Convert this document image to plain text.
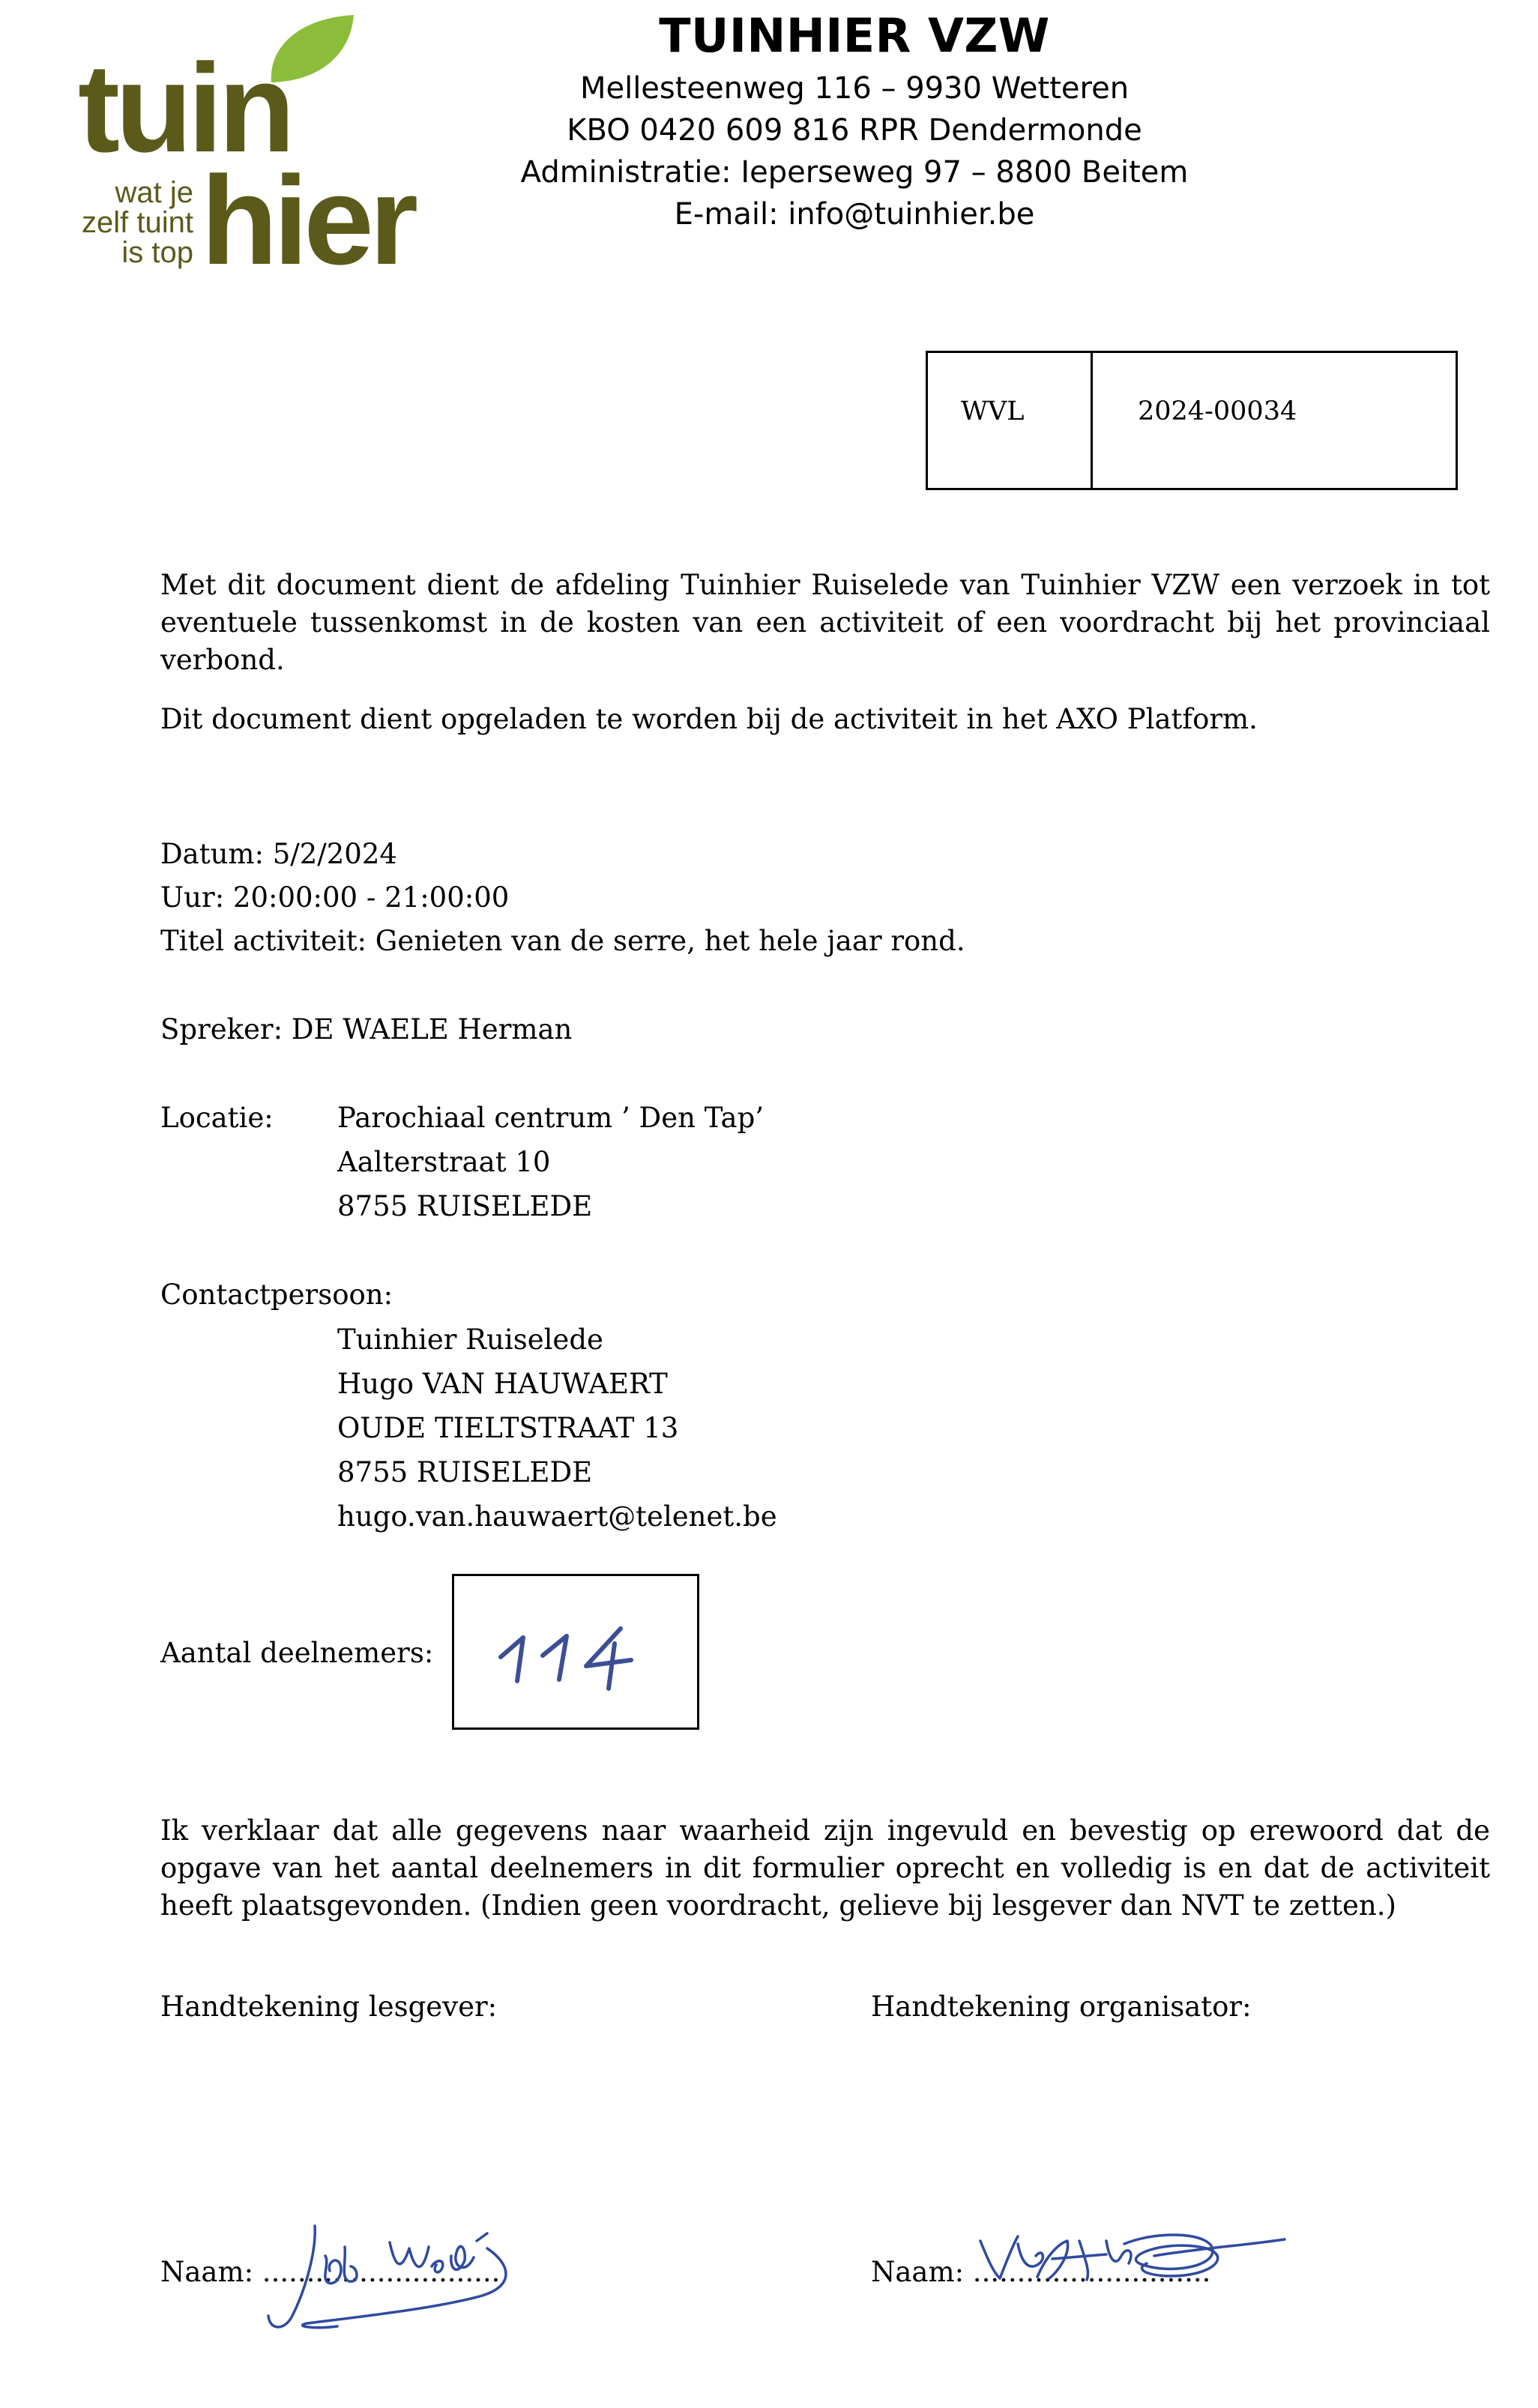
tuin
hier
wat je
zelf tuint
is top
TUINHIER VZW
Mellesteenweg 116 – 9930 Wetteren
KBO 0420 609 816 RPR Dendermonde
Administratie: Ieperseweg 97 – 8800 Beitem
E-mail: info@tuinhier.be
WVL	2024-00034
Met dit document dient de afdeling Tuinhier Ruiselede van Tuinhier VZW een verzoek in tot eventuele tussenkomst in de kosten van een activiteit of een voordracht bij het provinciaal verbond.
Dit document dient opgeladen te worden bij de activiteit in het AXO Platform.
Datum: 5/2/2024
Uur: 20:00:00 - 21:00:00
Titel activiteit: Genieten van de serre, het hele jaar rond.
Spreker: DE WAELE Herman
Locatie: Parochiaal centrum ’ Den Tap’
Aalterstraat 10
8755 RUISELEDE
Contactpersoon:
Tuinhier Ruiselede
Hugo VAN HAUWAERT
OUDE TIELTSTRAAT 13
8755 RUISELEDE
hugo.van.hauwaert@telenet.be
Aantal deelnemers:
Ik verklaar dat alle gegevens naar waarheid zijn ingevuld en bevestig op erewoord dat de opgave van het aantal deelnemers in dit formulier oprecht en volledig is en dat de activiteit heeft plaatsgevonden. (Indien geen voordracht, gelieve bij lesgever dan NVT te zetten.)
Handtekening lesgever:	Handtekening organisator:
Naam: ...........................	Naam: ...........................
